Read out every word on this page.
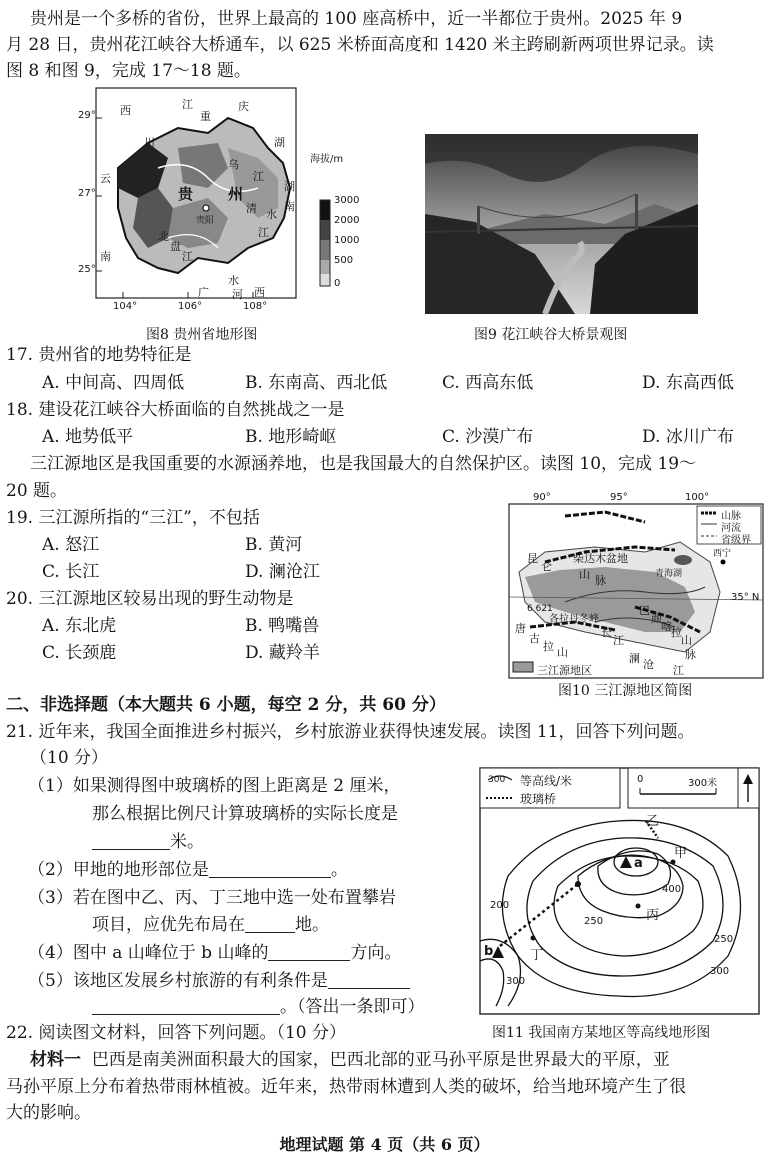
贵州是一个多桥的省份，世界上最高的 100 座高桥中，近一半都位于贵州。2025 年 9
月 28 日，贵州花江峡谷大桥通车，以 625 米桥面高度和 1420 米主跨刷新两项世界记录。读
图 8 和图 9，完成 17～18 题。
29°
27°
25°
104°	106°	108°
西
川
江
重
庆
湖
云
南
贵 州
贵阳
乌
江
清 水
江
北
盘
江
广
水
河 西
湖
南
海拔/m
3000
2000
1000
500
0
图8 贵州省地形图	图9 花江峡谷大桥景观图
17. 贵州省的地势特征是
A. 中间高、四周低	B. 东南高、西北低	C. 西高东低	D. 东高西低
18. 建设花江峡谷大桥面临的自然挑战之一是
A. 地势低平	B. 地形崎岖	C. 沙漠广布	D. 冰川广布
三江源地区是我国重要的水源涵养地，也是我国最大的自然保护区。读图 10，完成 19～
20 题。
19. 三江源所指的“三江”，不包括
A. 怒江	B. 黄河
C. 长江	D. 澜沧江
20. 三江源地区较易出现的野生动物是
A. 东北虎	B. 鸭嘴兽
C. 长颈鹿	D. 藏羚羊
90°	95°	100°
35° N
山脉
河流
省级界
三江源地区
昆
仑
山 脉
柴达木盆地
青海湖
西宁
6 621
各拉丹冬峰
唐
古
拉 山
巴
颜
喀 拉
山
脉
长
江
澜 沧 江
图10 三江源地区简图
二、非选择题（本大题共 6 小题，每空 2 分，共 60 分）
21. 近年来，我国全面推进乡村振兴，乡村旅游业获得快速发展。读图 11，回答下列问题。
（10 分）
（1）如果测得图中玻璃桥的图上距离是 2 厘米，
那么根据比例尺计算玻璃桥的实际长度是
米。
（2）甲地的地形部位是	。
（3）若在图中乙、丙、丁三地中选一处布置攀岩
项目，应优先布局在	地。
（4）图中 a 山峰位于 b 山峰的	方向。
（5）该地区发展乡村旅游的有利条件是
。（答出一条即可）
300 等高线/米
玻璃桥
0	300米
乙
甲
a
丙
丁
b
400
250
200
300
250
300
图11 我国南方某地区等高线地形图
22. 阅读图文材料，回答下列问题。（10 分）
材料一 巴西是南美洲面积最大的国家，巴西北部的亚马孙平原是世界最大的平原，亚
马孙平原上分布着热带雨林植被。近年来，热带雨林遭到人类的破坏，给当地环境产生了很
大的影响。
地理试题 第 4 页（共 6 页）
